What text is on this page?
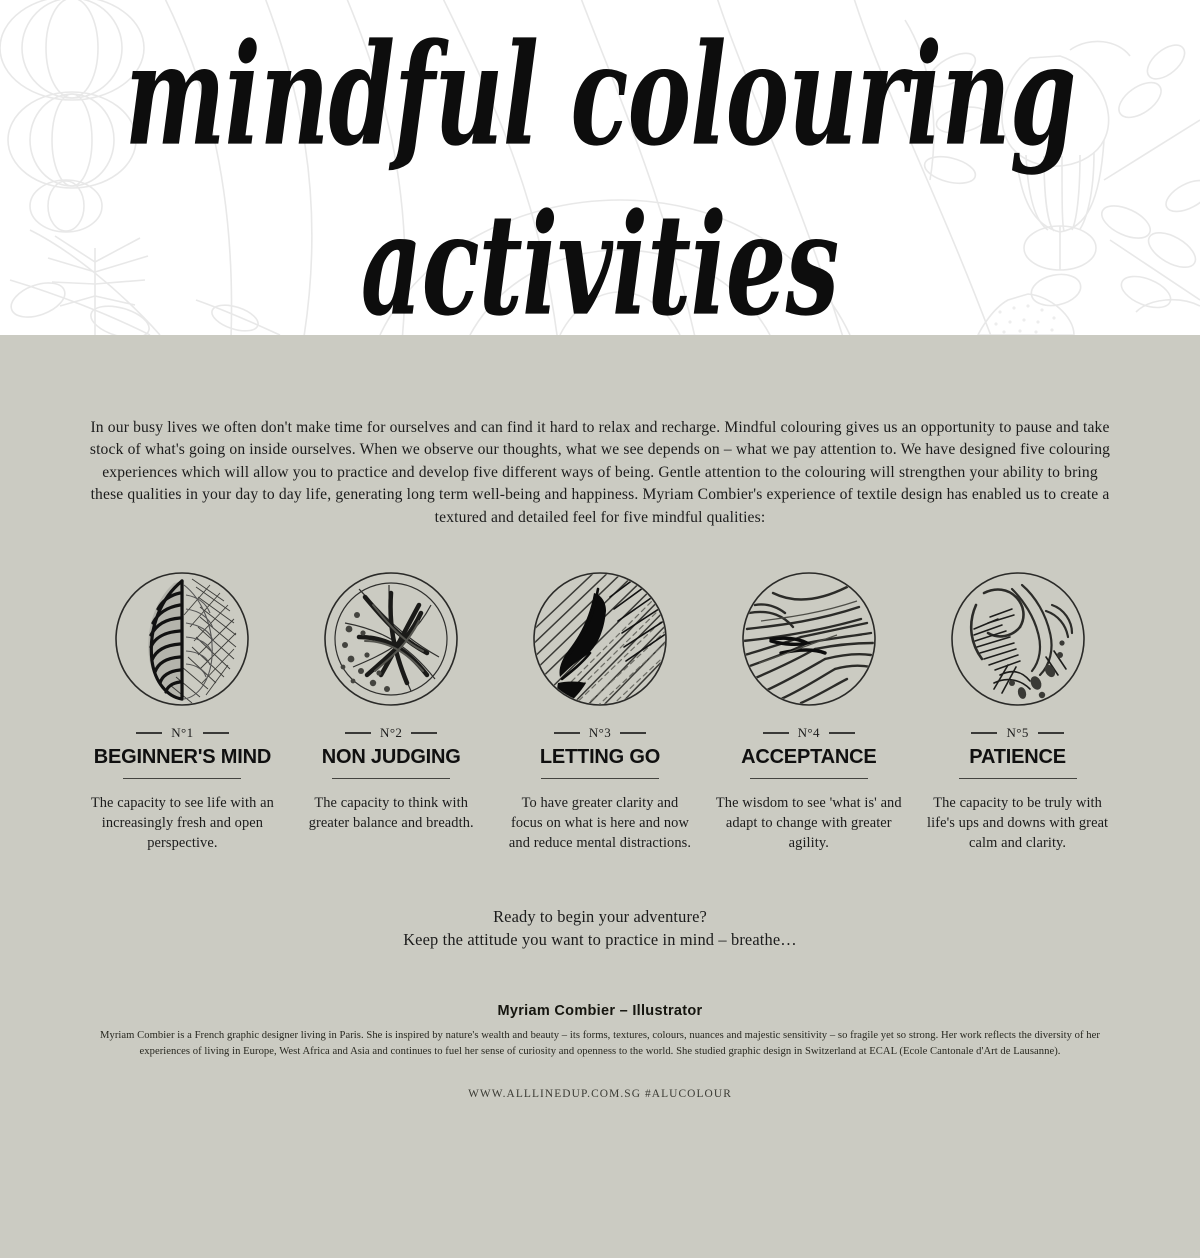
mindful colouring
activities

In our busy lives we often don't make time for ourselves and can find it hard to relax and recharge. Mindful colouring gives us an opportunity to pause and take stock of what's going on inside ourselves. When we observe our thoughts, what we see depends on – what we pay attention to. We have designed five colouring experiences which will allow you to practice and develop five different ways of being. Gentle attention to the colouring will strengthen your ability to bring these qualities in your day to day life, generating long term well-being and happiness. Myriam Combier's experience of textile design has enabled us to create a textured and detailed feel for five mindful qualities:

N°1
BEGINNER'S MIND
The capacity to see life with an increasingly fresh and open perspective.
N°2
NON JUDGING
The capacity to think with greater balance and breadth.
N°3
LETTING GO
To have greater clarity and focus on what is here and now and reduce mental distractions.
N°4
ACCEPTANCE
The wisdom to see 'what is' and adapt to change with greater agility.
N°5
PATIENCE
The capacity to be truly with life's ups and downs with great calm and clarity.
Ready to begin your adventure?
Keep the attitude you want to practice in mind – breathe…
Myriam Combier – Illustrator

Myriam Combier is a French graphic designer living in Paris. She is inspired by nature's wealth and beauty – its forms, textures, colours, nuances and majestic sensitivity – so fragile yet so strong. Her work reflects the diversity of her experiences of living in Europe, West Africa and Asia and continues to fuel her sense of curiosity and openness to the world. She studied graphic design in Switzerland at ECAL (Ecole Cantonale d'Art de Lausanne).

WWW.ALLLINEDUP.COM.SG #ALUCOLOUR
